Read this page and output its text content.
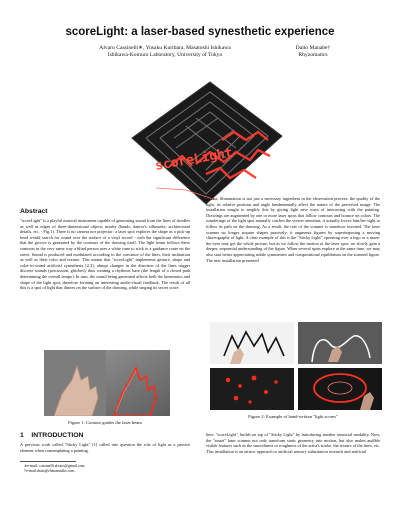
scoreLight: a laser-based synesthetic experience
Alvaro Cassinelli∗, Yusaku Kuribara, Masatoshi Ishikawa
Ishikawa-Komuro Laboratory, University of Tokyo
Daito Manabe†
Rhyzomatics
scoreLight
Abstract

"scoreLight" is a playful musical instrument capable of generating sound from the lines of doodles as well as edges of three-dimensional objects nearby (hands, dancer's silhouette, architectural details, etc. - Fig.1). There is no camera nor projector: a laser spot explores the shape as a pick-up head would search for sound over the surface of a vinyl record - with the significant difference that the groove is generated by the contours of the drawing itself. The light beam follows these contours in the very same way a blind person uses a white cane to stick to a guidance route on the street. Sound is produced and modulated according to the curvature of the lines, their inclination as well as their color and texture. This means that "scoreLight" implements gesture, shape and color-to-sound artificial synesthesia [2,3]; abrupt changes in the direction of the lines trigger discrete sounds (percussion, glitches), thus creating a rhythmic base (the length of a closed path determining the overall tempo). In turn, the sound being generated affects both the kinematics and shape of the light spot, therefore forming an interesting audio-visual feedback. The result of all this is a spot of light that dances on the surface of the drawing, while singing its secret score.

Figure 1: Contour guides the laser beam
1 INTRODUCTION

A previous work called "Sticky Light" [1] called into question the role of light as a passive element when contemplating a painting.

∗e-mail: cassinelli.alvaro@gmail.com
†e-mail:daito@rhizomatiks.com

In fact, illumination is not just a necessary ingredient in the observation process: the quality of the light, its relative position and angle fundamentally affect the nature of the perceived image. The installation sought to amplify this by giving light new ways of interacting with the painting. Drawings are augmented by one or more laser spots that follow contours and bounce on colors. The wanderings of the light spot naturally catches the viewer attention; it actually forces him/her sight to follow its path on the drawing. As a result, the role of the scanner is somehow inverted. The laser scanner no longer acquire shapes passively; it augments figures by superimposing a moving choreography of light. A clear example of this is the "Sticky Light" operating over a logo or a maze: the eyes may get the whole picture, but as we follow the motion of the laser spot, we slowly gain a deeper, sequential understanding of the figure. When several spots explore at the same time, we may also start better appreciating subtle symmetries and compositional equilibrium on the scanned figure. The new installation presented

Figure 2: Example of hand-written "light scores"

here, "scoreLight", builds on top of "Sticky Light" by introducing another sensorial modality. Now, the "smart" laser scanner not only transform static geometry into motion, but also makes audible visible features such as the smoothness or roughness of the artist's stroke, the texture of the lines, etc. This installation is an artistic approach to artificial sensory substitution research and artificial
